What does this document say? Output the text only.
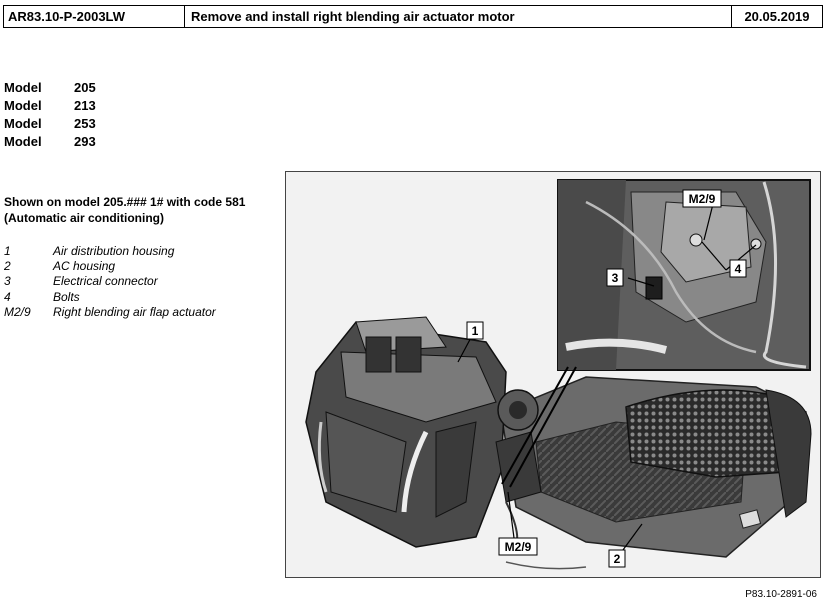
AR83.10-P-2003LW	Remove and install right blending air actuator motor	20.05.2019
Model	205
Model	213
Model	253
Model	293
Shown on model 205.### 1# with code 581
(Automatic air conditioning)
1	Air distribution housing
2	AC housing
3	Electrical connector
4	Bolts
M2/9	Right blending air flap actuator
1
M2/9
4
3
M2/9
2
P83.10-2891-06
